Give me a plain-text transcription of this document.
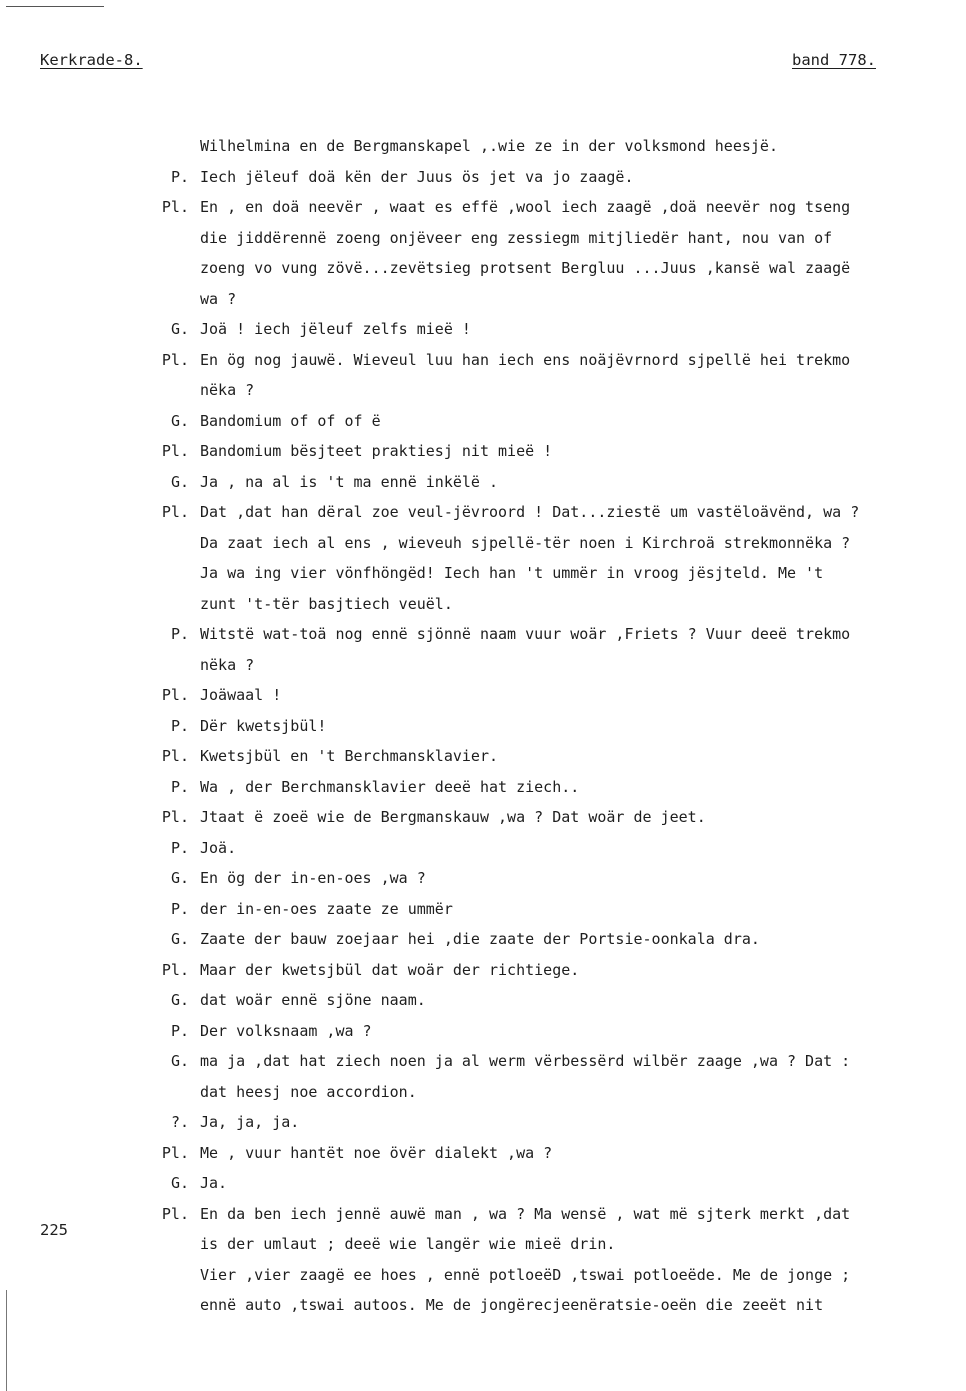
Kerkrade-8.	band 778.
Wilhelmina en de Bergmanskapel ,.wie ze in der volksmond heesjë.
P. Iech jëleuf doä kën der Juus ös jet va jo zaagë.
Pl. En , en doä neevër , waat es effë ,wool iech zaagë ,doä neevër nog tseng
die jiddërennë zoeng onjëveer eng zessiegm mitjliedër hant, nou van of
zoeng vo vung zövë...zevëtsieg protsent Bergluu ...Juus ,kansë wal zaagë
wa ?
G. Joä ! iech jëleuf zelfs mieë !
Pl. En ög nog jauwë. Wieveul luu han iech ens noäjëvrnord sjpellë hei trekmo
nëka ?
G. Bandomium of of of ë
Pl. Bandomium bësjteet praktiesj nit mieë !
G. Ja , na al is 't ma ennë inkëlë .
Pl. Dat ,dat han dëral zoe veul-jëvroord ! Dat...ziestë um vastëloävënd, wa ?
Da zaat iech al ens , wieveuh sjpellë-tër noen i Kirchroä strekmonnëka ?
Ja wa ing vier vönfhöngëd! Iech han 't ummër in vroog jësjteld. Me 't
zunt 't-tër basjtiech veuël.
P. Witstë wat-toä nog ennë sjönnë naam vuur woär ,Friets ? Vuur deeë trekmo
nëka ?
Pl. Joäwaal !
P. Dër kwetsjbül!
Pl. Kwetsjbül en 't Berchmansklavier.
P. Wa , der Berchmansklavier deeë hat ziech..
Pl. Jtaat ë zoeë wie de Bergmanskauw ,wa ? Dat woär de jeet.
P. Joä.
G. En ög der in-en-oes ,wa ?
P. der in-en-oes zaate ze ummër
G. Zaate der bauw zoejaar hei ,die zaate der Portsie-oonkala dra.
Pl. Maar der kwetsjbül dat woär der richtiege.
G. dat woär ennë sjöne naam.
P. Der volksnaam ,wa ?
G. ma ja ,dat hat ziech noen ja al werm vërbessërd wilbër zaage ,wa ? Dat :
dat heesj noe accordion.
?. Ja, ja, ja.
Pl. Me , vuur hantët noe övër dialekt ,wa ?
G. Ja.
Pl. En da ben iech jennë auwë man , wa ? Ma wensë , wat më sjterk merkt ,dat
is der umlaut ; deeë wie langër wie mieë drin.
Vier ,vier zaagë ee hoes , ennë potloeëD ,tswai potloeëde. Me de jonge ;
ennë auto ,tswai autoos. Me de jongërecjeenëratsie-oeën die zeeët nit
225
